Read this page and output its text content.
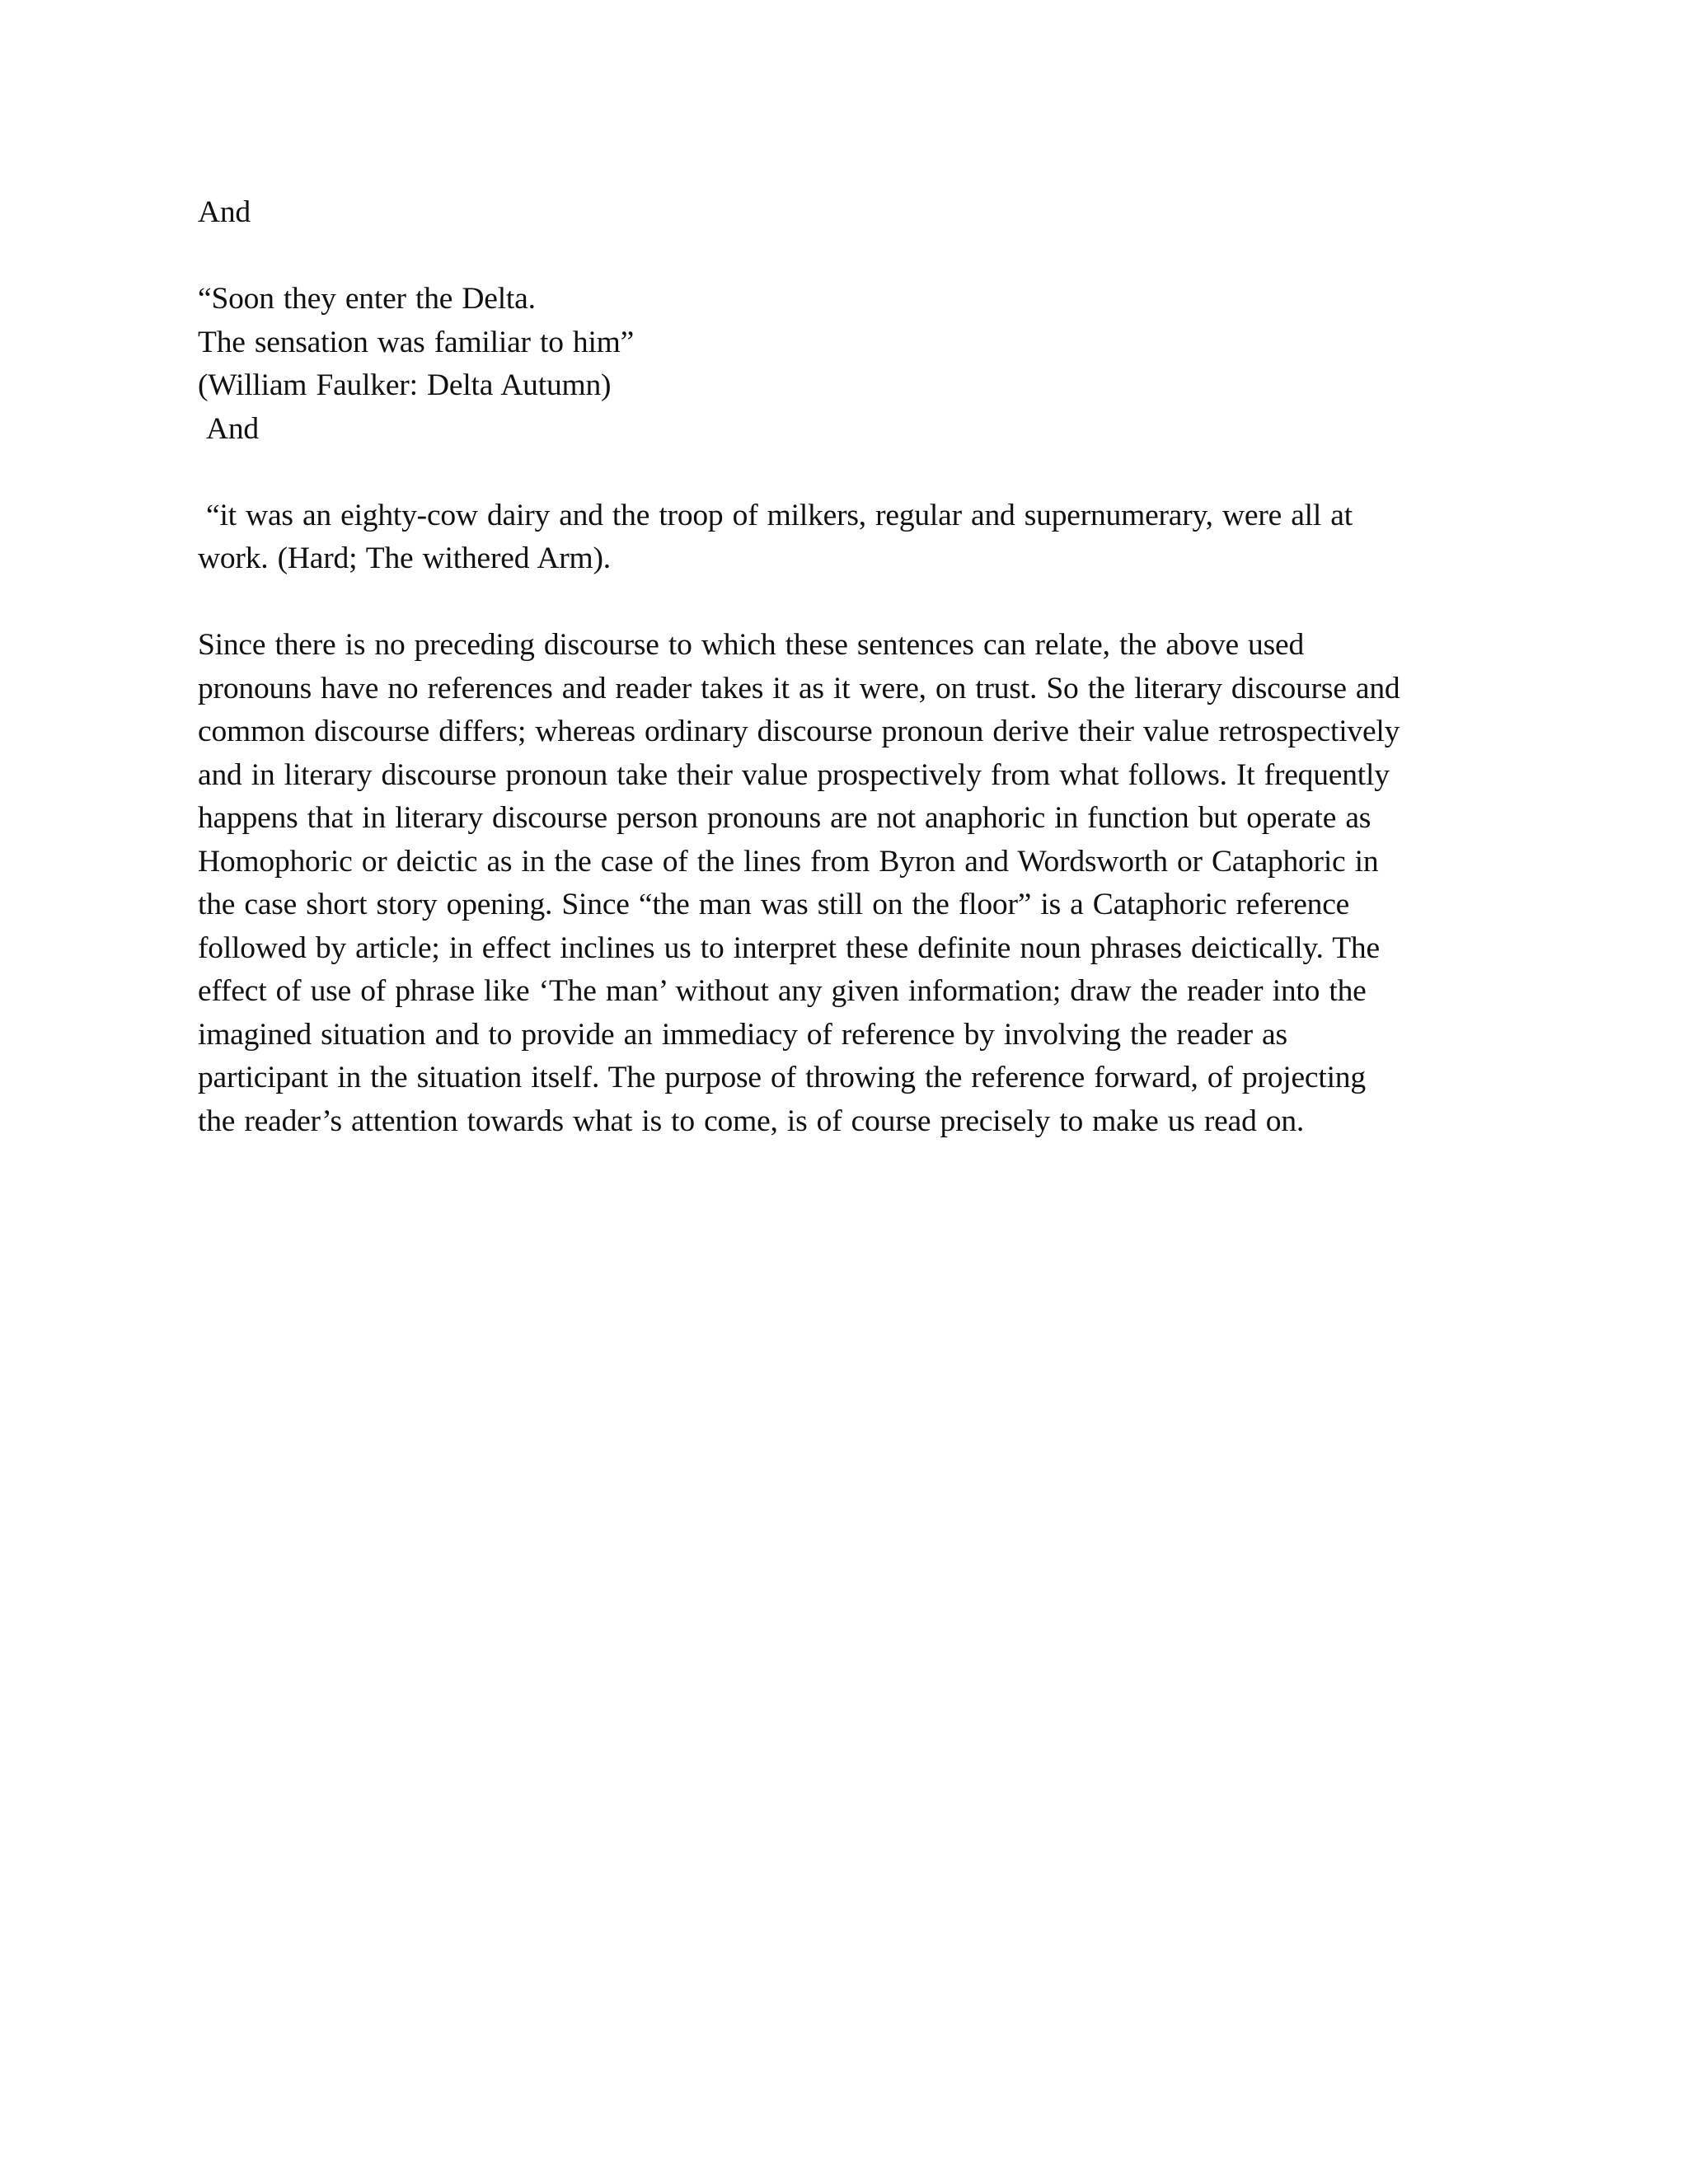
And
“Soon they enter the Delta.
The sensation was familiar to him”
(William Faulker: Delta Autumn)
And
“it was an eighty-cow dairy and the troop of milkers, regular and supernumerary, were all at
work. (Hard; The withered Arm).
Since there is no preceding discourse to which these sentences can relate, the above used
pronouns have no references and reader takes it as it were, on trust. So the literary discourse and
common discourse differs; whereas ordinary discourse pronoun derive their value retrospectively
and in literary discourse pronoun take their value prospectively from what follows. It frequently
happens that in literary discourse person pronouns are not anaphoric in function but operate as
Homophoric or deictic as in the case of the lines from Byron and Wordsworth or Cataphoric in
the case short story opening. Since “the man was still on the floor” is a Cataphoric reference
followed by article; in effect inclines us to interpret these definite noun phrases deictically. The
effect of use of phrase like ‘The man’ without any given information; draw the reader into the
imagined situation and to provide an immediacy of reference by involving the reader as
participant in the situation itself. The purpose of throwing the reference forward, of projecting
the reader’s attention towards what is to come, is of course precisely to make us read on.
